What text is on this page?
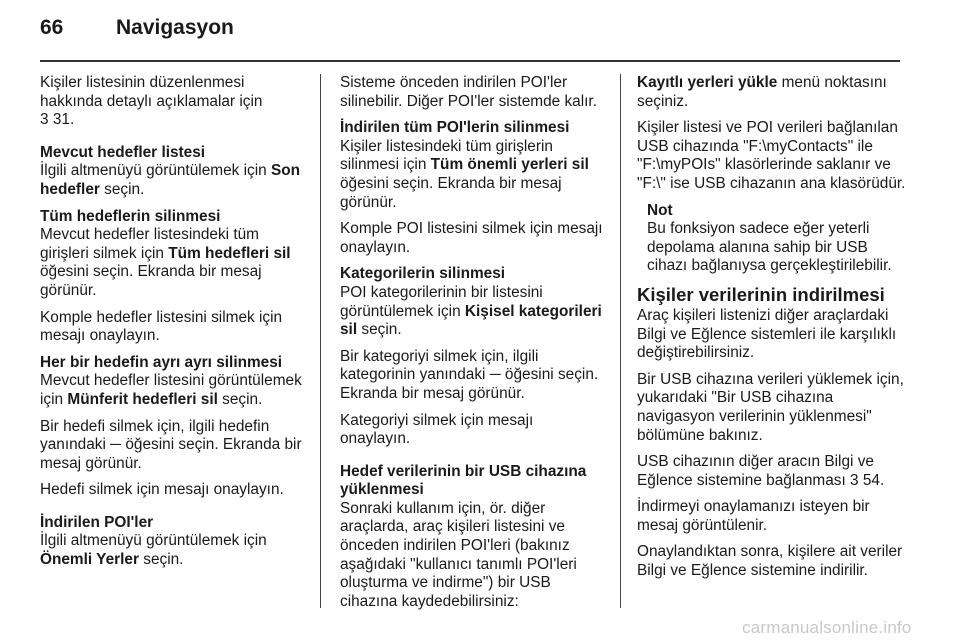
66	Navigasyon

Kişiler listesinin düzenlenmesi hakkında detaylı açıklamalar için
3 31.

Mevcut hedefler listesi

İlgili altmenüyü görüntülemek için Son hedefler seçin.

Tüm hedeflerin silinmesi

Mevcut hedefler listesindeki tüm girişleri silmek için Tüm hedefleri sil öğesini seçin. Ekranda bir mesaj görünür.

Komple hedefler listesini silmek için mesajı onaylayın.

Her bir hedefin ayrı ayrı silinmesi

Mevcut hedefler listesini görüntülemek için Münferit hedefleri sil seçin.

Bir hedefi silmek için, ilgili hedefin yanındaki ─ öğesini seçin. Ekranda bir mesaj görünür.

Hedefi silmek için mesajı onaylayın.

İndirilen POI'ler

İlgili altmenüyü görüntülemek için Önemli Yerler seçin.

Sisteme önceden indirilen POI'ler silinebilir. Diğer POI'ler sistemde kalır.

İndirilen tüm POI'lerin silinmesi

Kişiler listesindeki tüm girişlerin silinmesi için Tüm önemli yerleri sil öğesini seçin. Ekranda bir mesaj görünür.

Komple POI listesini silmek için mesajı onaylayın.

Kategorilerin silinmesi

POI kategorilerinin bir listesini görüntülemek için Kişisel kategorileri sil seçin.

Bir kategoriyi silmek için, ilgili kategorinin yanındaki ─ öğesini seçin. Ekranda bir mesaj görünür.

Kategoriyi silmek için mesajı onaylayın.

Hedef verilerinin bir USB cihazına yüklenmesi

Sonraki kullanım için, ör. diğer araçlarda, araç kişileri listesini ve önceden indirilen POI'leri (bakınız aşağıdaki "kullanıcı tanımlı POI'leri oluşturma ve indirme") bir USB cihazına kaydedebilirsiniz:

Kayıtlı yerleri yükle menü noktasını seçiniz.

Kişiler listesi ve POI verileri bağlanılan USB cihazında "F:\myContacts" ile "F:\myPOIs" klasörlerinde saklanır ve "F:\" ise USB cihazanın ana klasörüdür.

Not

Bu fonksiyon sadece eğer yeterli depolama alanına sahip bir USB cihazı bağlanıysa gerçekleştirilebilir.

Kişiler verilerinin indirilmesi

Araç kişileri listenizi diğer araçlardaki Bilgi ve Eğlence sistemleri ile karşılıklı değiştirebilirsiniz.

Bir USB cihazına verileri yüklemek için, yukarıdaki "Bir USB cihazına navigasyon verilerinin yüklenmesi" bölümüne bakınız.

USB cihazının diğer aracın Bilgi ve Eğlence sistemine bağlanması 3 54.

İndirmeyi onaylamanızı isteyen bir mesaj görüntülenir.

Onaylandıktan sonra, kişilere ait veriler Bilgi ve Eğlence sistemine indirilir.

carmanualsonline.info
